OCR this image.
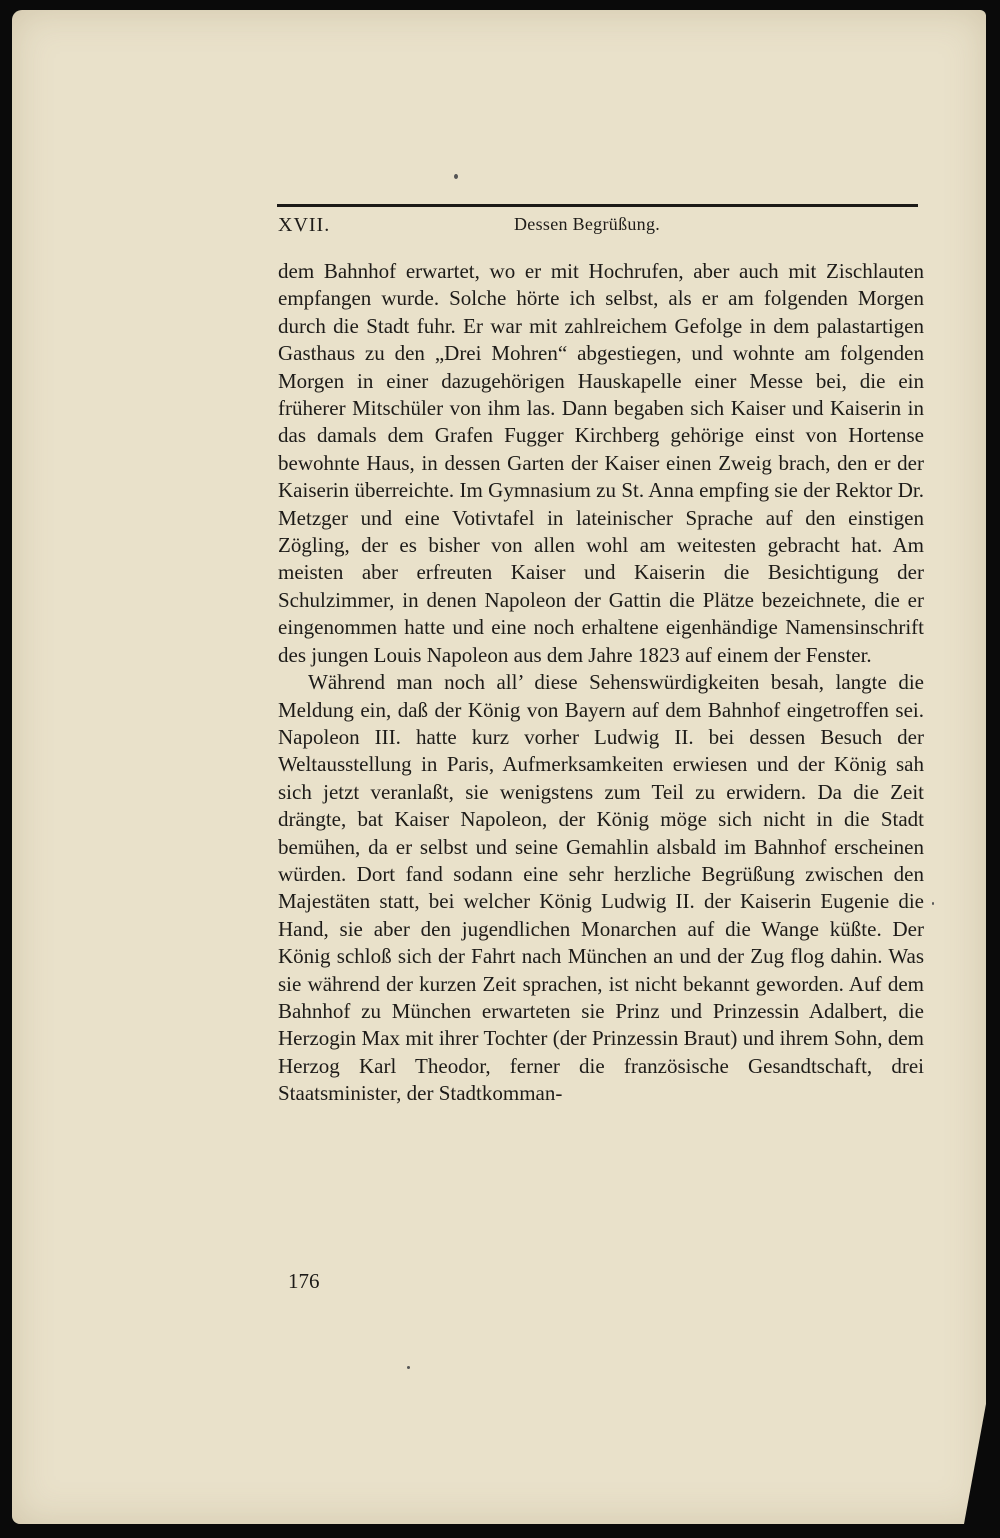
XVII.	Dessen Begrüßung.

dem Bahnhof erwartet, wo er mit Hochrufen, aber auch mit Zischlauten empfangen wurde. Solche hörte ich selbst, als er am folgenden Morgen durch die Stadt fuhr. Er war mit zahlreichem Gefolge in dem palastartigen Gasthaus zu den „Drei Mohren“ abgestiegen, und wohnte am folgenden Morgen in einer dazugehörigen Hauskapelle einer Messe bei, die ein früherer Mitschüler von ihm las. Dann begaben sich Kaiser und Kaiserin in das damals dem Grafen Fugger Kirchberg gehörige einst von Hortense bewohnte Haus, in dessen Garten der Kaiser einen Zweig brach, den er der Kaiserin überreichte. Im Gymnasium zu St. Anna empfing sie der Rektor Dr. Metzger und eine Votivtafel in lateinischer Sprache auf den einstigen Zögling, der es bisher von allen wohl am weitesten gebracht hat. Am meisten aber erfreuten Kaiser und Kaiserin die Besichtigung der Schulzimmer, in denen Napoleon der Gattin die Plätze bezeichnete, die er eingenommen hatte und eine noch erhaltene eigenhändige Namensinschrift des jungen Louis Napoleon aus dem Jahre 1823 auf einem der Fenster.

Während man noch all’ diese Sehenswürdigkeiten besah, langte die Meldung ein, daß der König von Bayern auf dem Bahnhof eingetroffen sei. Napoleon III. hatte kurz vorher Ludwig II. bei dessen Besuch der Weltausstellung in Paris, Aufmerksamkeiten erwiesen und der König sah sich jetzt veranlaßt, sie wenigstens zum Teil zu erwidern. Da die Zeit drängte, bat Kaiser Napoleon, der König möge sich nicht in die Stadt bemühen, da er selbst und seine Gemahlin alsbald im Bahnhof erscheinen würden. Dort fand sodann eine sehr herzliche Begrüßung zwischen den Majestäten statt, bei welcher König Ludwig II. der Kaiserin Eugenie die Hand, sie aber den jugendlichen Monarchen auf die Wange küßte. Der König schloß sich der Fahrt nach München an und der Zug flog dahin. Was sie während der kurzen Zeit sprachen, ist nicht bekannt geworden. Auf dem Bahnhof zu München erwarteten sie Prinz und Prinzessin Adalbert, die Herzogin Max mit ihrer Tochter (der Prinzessin Braut) und ihrem Sohn, dem Herzog Karl Theodor, ferner die französische Gesandtschaft, drei Staatsminister, der Stadtkomman-

176
